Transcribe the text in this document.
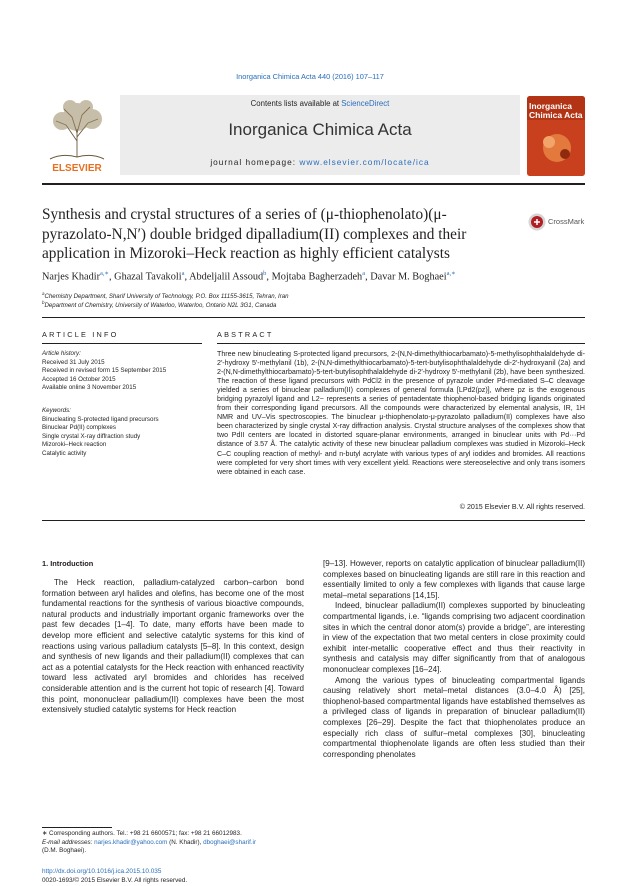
Inorganica Chimica Acta 440 (2016) 107–117
Contents lists available at ScienceDirect
Inorganica Chimica Acta
journal homepage: www.elsevier.com/locate/ica
ELSEVIER
Inorganica Chimica Acta
Synthesis and crystal structures of a series of (μ-thiophenolato)(μ-pyrazolato-N,N′) double bridged dipalladium(II) complexes and their application in Mizoroki–Heck reaction as highly efficient catalysts
CrossMark
Narjes Khadir$^{a,∗}$, Ghazal Tavakoli$^a$, Abdeljalil Assoud$^b$, Mojtaba Bagherzadeh$^a$, Davar M. Boghaei$^{a,∗}$
$^a$Chemistry Department, Sharif University of Technology, P.O. Box 11155-3615, Tehran, Iran
$^b$Department of Chemistry, University of Waterloo, Waterloo, Ontario N2L 3G1, Canada
ARTICLE INFO
Article history:
Received 31 July 2015
Received in revised form 15 September 2015
Accepted 16 October 2015
Available online 3 November 2015
Keywords:
Binucleating S-protected ligand precursors
Binuclear Pd(II) complexes
Single crystal X-ray diffraction study
Mizoroki–Heck reaction
Catalytic activity
ABSTRACT
Three new binucleating S-protected ligand precursors, 2-(N,N-dimethylthiocarbamato)-5-methylisophthalaldehyde di-2′-hydroxy 5′-methylanil (1b), 2-(N,N-dimethylthiocarbamato)-5-tert-butylisophthalaldehyde di-2′-hydroxyanil (2a) and 2-(N,N-dimethylthiocarbamato)-5-tert-butylisophthalaldehyde di-2′-hydroxy 5′-methylanil (2b), have been synthesized. The reaction of these ligand precursors with PdCl2 in the presence of pyrazole under Pd-mediated S–C cleavage yielded a series of binuclear palladium(II) complexes of general formula [LPd2(pz)], where pz is the exogenous bridging pyrazolyl ligand and L2− represents a series of pentadentate thiophenol-based bridging ligands originated from their corresponding ligand precursors. All the compounds were characterized by elemental analysis, IR, 1H NMR and UV–Vis spectroscopies. The binuclear μ-thiophenolato-μ-pyrazolato palladium(II) complexes have also been characterized by single crystal X-ray diffraction analysis. Crystal structure analyses of the complexes show that two PdII centers are located in distorted square-planar environments, arranged in binuclear units with Pd···Pd distance of 3.57 Å. The catalytic activity of these new binuclear palladium complexes was studied in Mizoroki–Heck C–C coupling reaction of methyl- and n-butyl acrylate with various types of aryl iodides and bromides. All reactions were completed for very short times with very excellent yield. Reactions were stereoselective and only trans isomers were obtained in each case.
© 2015 Elsevier B.V. All rights reserved.
1. Introduction

The Heck reaction, palladium-catalyzed carbon–carbon bond formation between aryl halides and olefins, has become one of the most fundamental reactions for the synthesis of various bioactive compounds, natural products and industrially important organic frameworks over the past few decades [1–4]. To date, many efforts have been made to develop more efficient and selective catalytic systems for this kind of reactions using various palladium catalysts [5–8]. In this context, design and synthesis of new ligands and their palladium(II) complexes that can act as a potential catalysts for the Heck reaction with enhanced reactivity toward less activated aryl bromides and chlorides has received considerable attention and is the current hot topic of research [4]. Toward this point, mononuclear palladium(II) complexes have been the most extensively studied catalytic systems for Heck reaction

[9–13]. However, reports on catalytic application of binuclear palladium(II) complexes based on binucleating ligands are still rare in this reaction and essentially limited to only a few complexes with ligands that cause large metal–metal separations [14,15].

Indeed, binuclear palladium(II) complexes supported by binucleating compartmental ligands, i.e. “ligands comprising two adjacent coordination sites in which the central donor atom(s) provide a bridge”, are interesting in view of the expectation that two metal centers in close proximity could exhibit inter-metallic cooperative effect and thus their reactivity in synthesis and catalysis may differ significantly from that of analogous mononuclear complexes [16–24].

Among the various types of binucleating compartmental ligands causing relatively short metal–metal distances (3.0–4.0 Å) [25], thiophenol-based compartmental ligands have established themselves as a privileged class of ligands in preparation of binuclear palladium(II) complexes [26–29]. Despite the fact that thiophenolates produce an especially rich class of sulfur–metal complexes [30], binucleating compartmental thiophenolate ligands are often less studied than their corresponding phenolates

∗ Corresponding authors. Tel.: +98 21 6600571; fax: +98 21 66012983.
E-mail addresses: narjes.khadir@yahoo.com (N. Khadir), dboghaei@sharif.ir
(D.M. Boghaei).
http://dx.doi.org/10.1016/j.ica.2015.10.035
0020-1693/© 2015 Elsevier B.V. All rights reserved.
